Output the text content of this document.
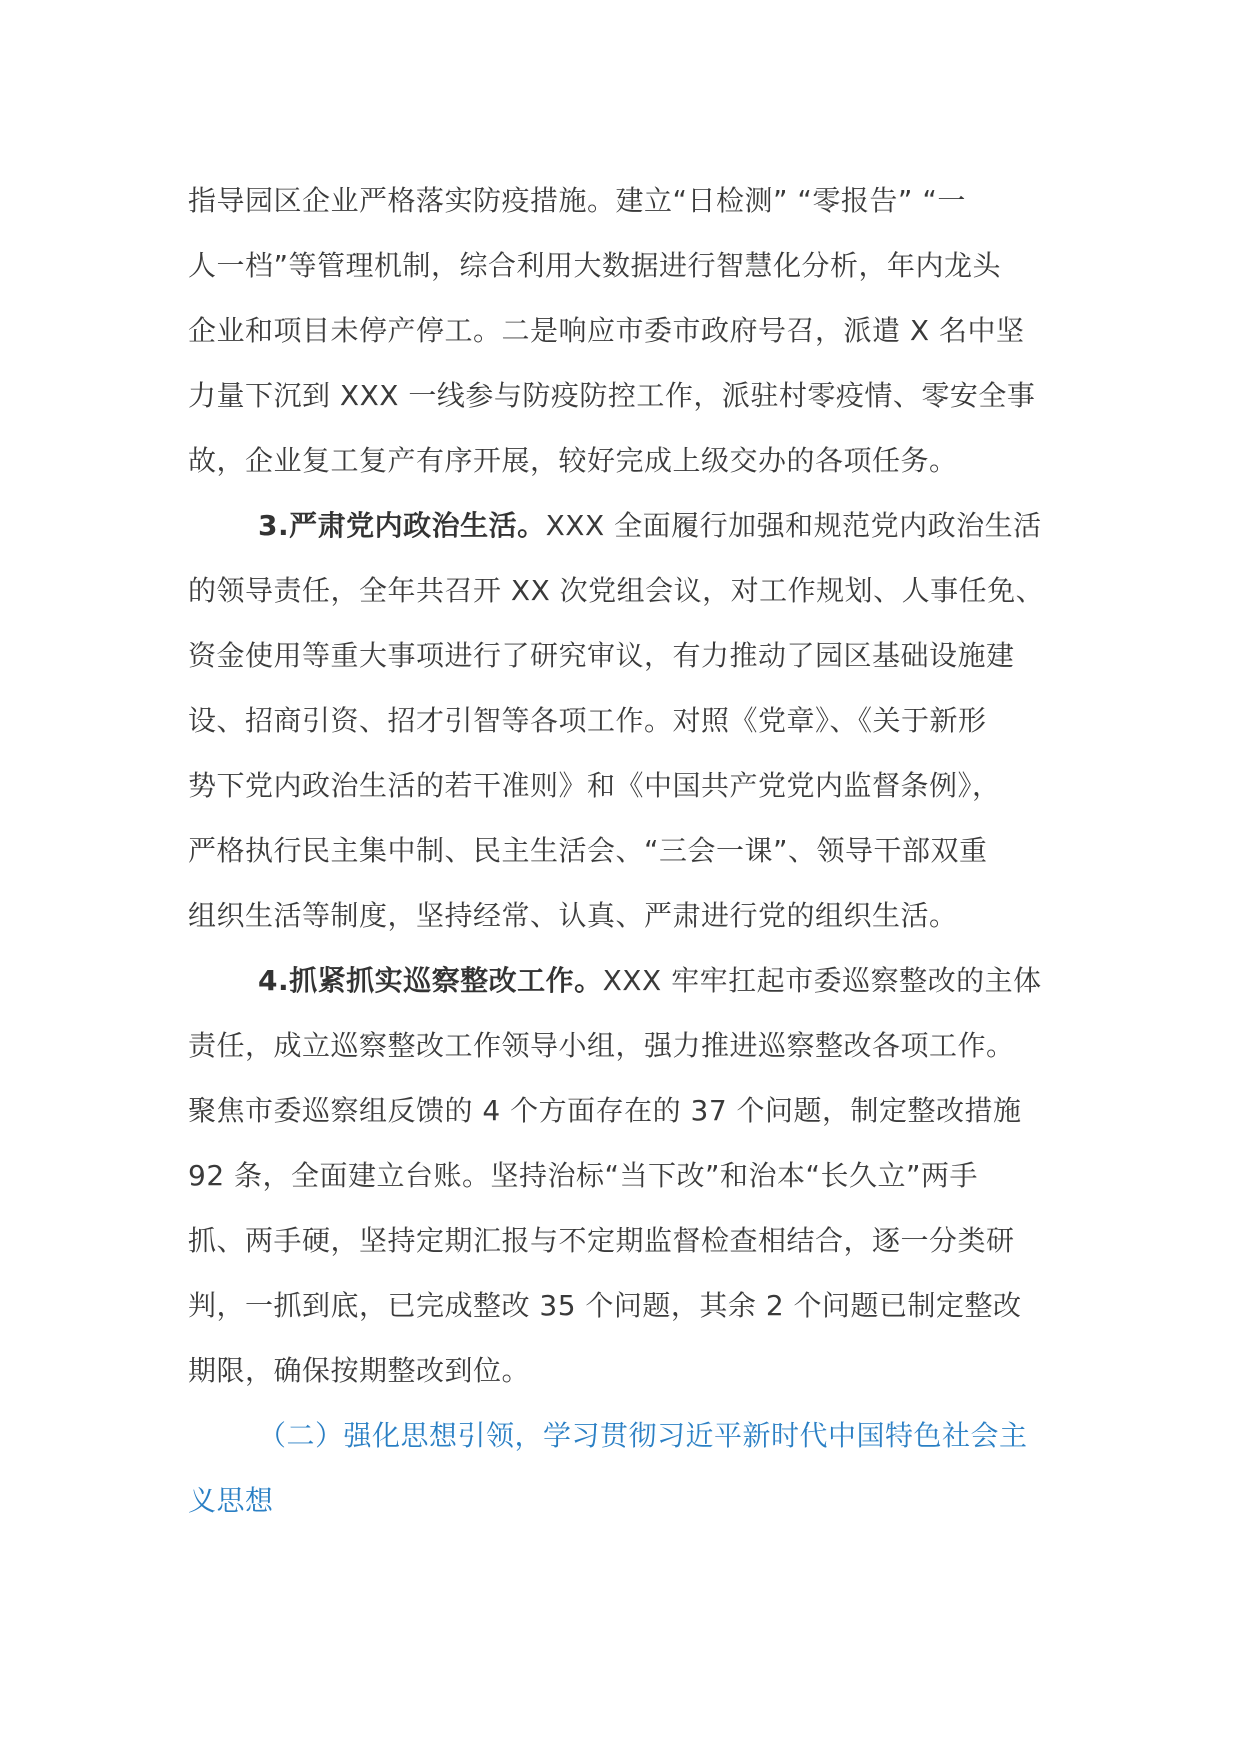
指导园区企业严格落实防疫措施。建立“日检测” “零报告” “一
人一档”等管理机制，综合利用大数据进行智慧化分析，年内龙头
企业和项目未停产停工。二是响应市委市政府号召，派遣 X 名中坚
力量下沉到 XXX 一线参与防疫防控工作，派驻村零疫情、零安全事
故，企业复工复产有序开展，较好完成上级交办的各项任务。
3.严肃党内政治生活。XXX 全面履行加强和规范党内政治生活
的领导责任，全年共召开 XX 次党组会议，对工作规划、人事任免、
资金使用等重大事项进行了研究审议，有力推动了园区基础设施建
设、招商引资、招才引智等各项工作。对照《党章》、《关于新形
势下党内政治生活的若干准则》和《中国共产党党内监督条例》，
严格执行民主集中制、民主生活会、“三会一课”、领导干部双重
组织生活等制度，坚持经常、认真、严肃进行党的组织生活。
4.抓紧抓实巡察整改工作。XXX 牢牢扛起市委巡察整改的主体
责任，成立巡察整改工作领导小组，强力推进巡察整改各项工作。
聚焦市委巡察组反馈的 4 个方面存在的 37 个问题，制定整改措施
92 条，全面建立台账。坚持治标“当下改”和治本“长久立”两手
抓、两手硬，坚持定期汇报与不定期监督检查相结合，逐一分类研
判，一抓到底，已完成整改 35 个问题，其余 2 个问题已制定整改
期限，确保按期整改到位。
（二）强化思想引领，学习贯彻习近平新时代中国特色社会主
义思想
